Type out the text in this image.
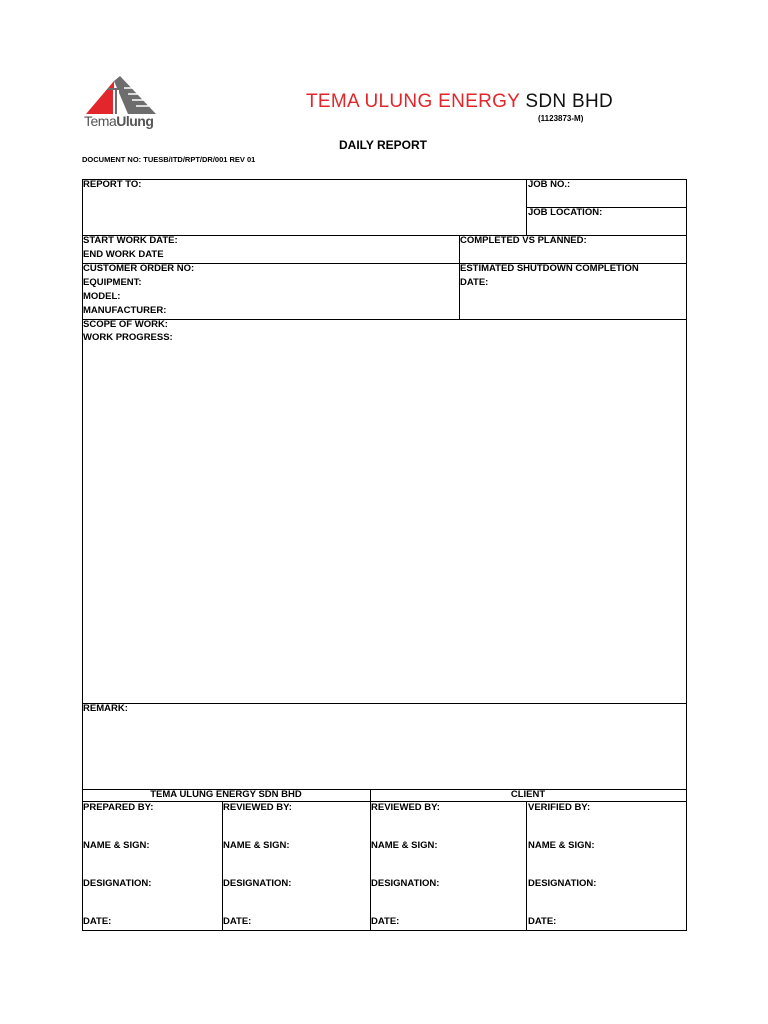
TemaUlung
TEMA ULUNG ENERGY SDN BHD
(1123873-M)
DAILY REPORT
DOCUMENT NO: TUESB/ITD/RPT/DR/001 REV 01
REPORT TO:	JOB NO.:
JOB LOCATION:
START WORK DATE:
END WORK DATE
COMPLETED VS PLANNED:
CUSTOMER ORDER NO:
EQUIPMENT:
MODEL:
MANUFACTURER:
ESTIMATED SHUTDOWN COMPLETION
DATE:
SCOPE OF WORK:
WORK PROGRESS:
REMARK:
TEMA ULUNG ENERGY SDN BHD	CLIENT
PREPARED BY:	REVIEWED BY:	REVIEWED BY:	VERIFIED BY:
NAME & SIGN:	NAME & SIGN:	NAME & SIGN:	NAME & SIGN:
DESIGNATION:	DESIGNATION:	DESIGNATION:	DESIGNATION:
DATE:	DATE:	DATE:	DATE:
